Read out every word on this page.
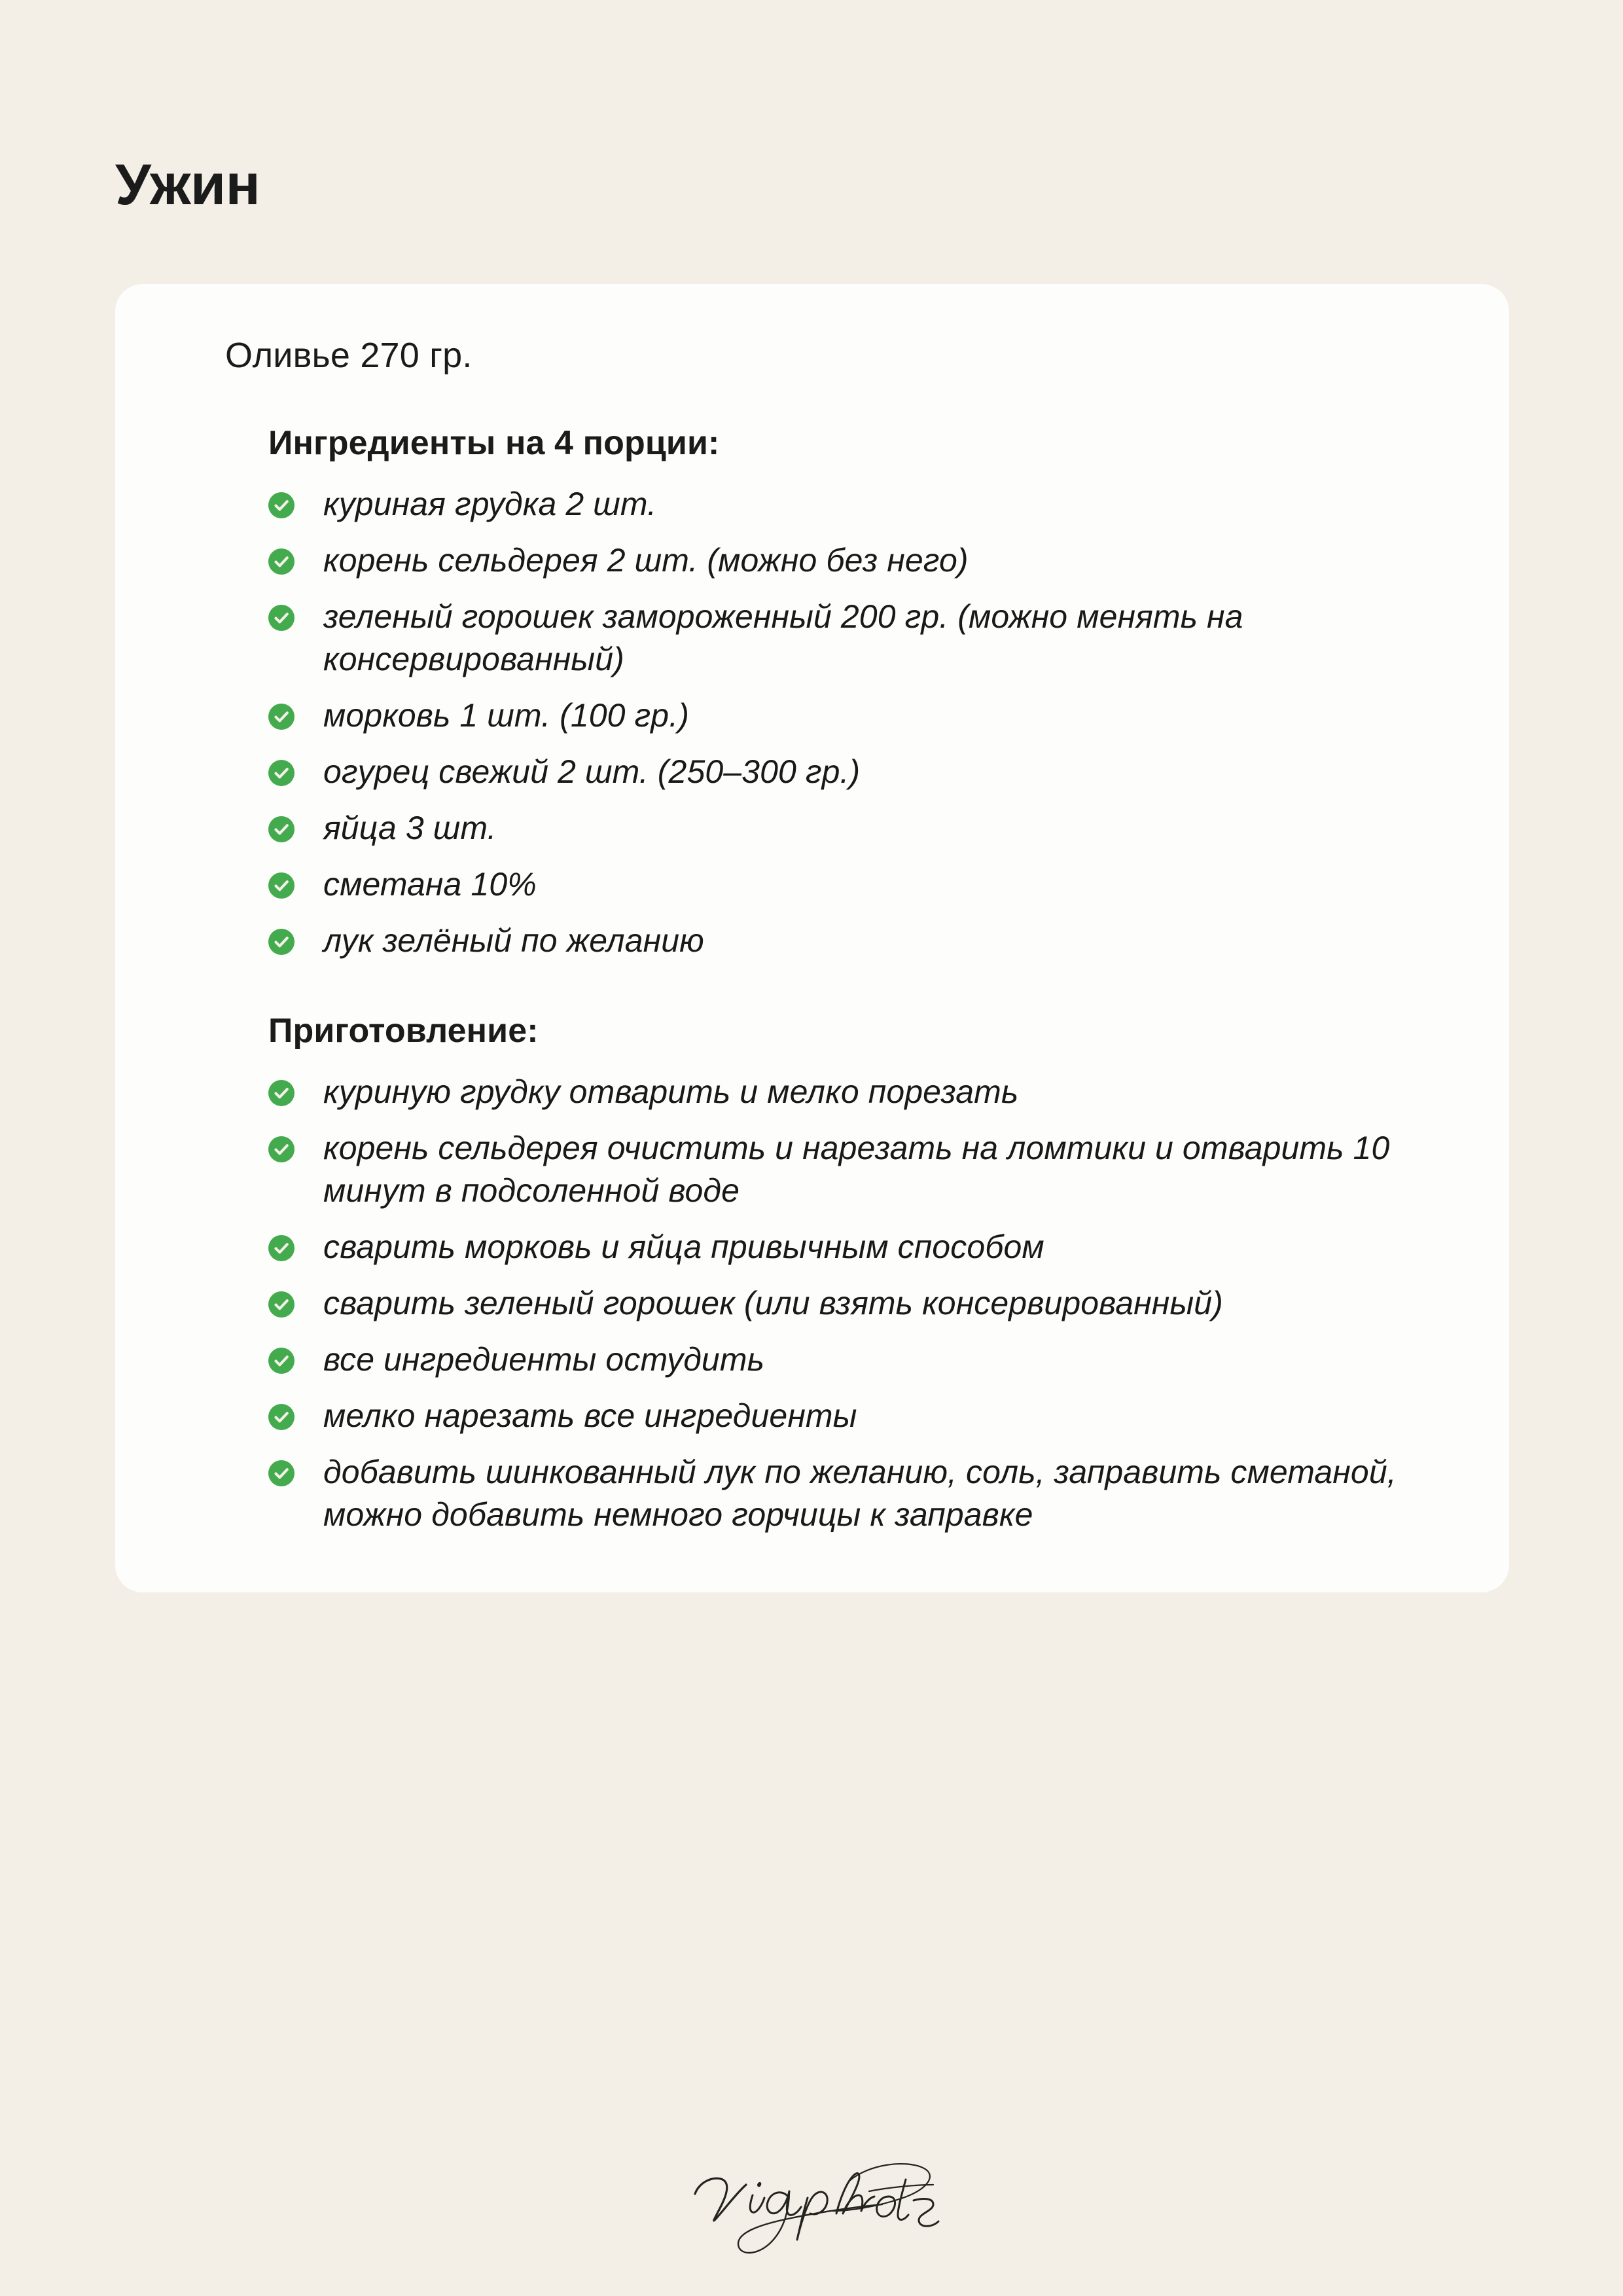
Ужин

Оливье 270 гр.

Ингредиенты на 4 порции:
куриная грудка 2 шт.
корень сельдерея 2 шт. (можно без него)
зеленый горошек замороженный 200 гр. (можно менять на консервированный)
морковь 1 шт. (100 гр.)
огурец свежий 2 шт. (250–300 гр.)
яйца 3 шт.
сметана 10%
лук зелёный по желанию
Приготовление:
куриную грудку отварить и мелко порезать
корень сельдерея очистить и нарезать на ломтики и отварить 10 минут в подсоленной воде
сварить морковь и яйца привычным способом
сварить зеленый горошек (или взять консервированный)
все ингредиенты остудить
мелко нарезать все ингредиенты
добавить шинкованный лук по желанию, соль, заправить сметаной, можно добавить немного горчицы к заправке
